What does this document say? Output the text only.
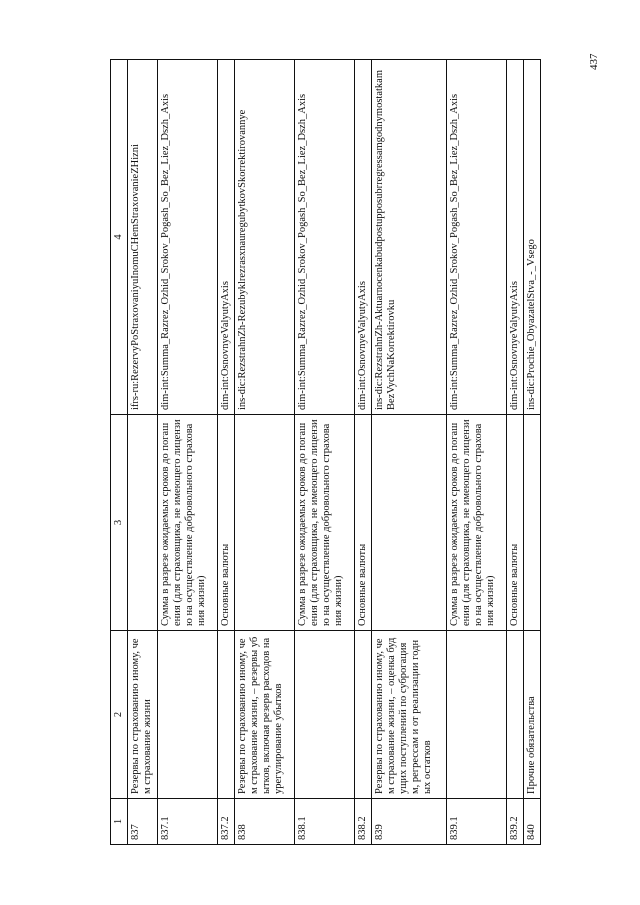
1	2	3	4
837	Резервы по страхованию иному, чем страхование жизни		ifrs-ru:RezervyPoStraxovaniyuInomuCHemStraxovanieZHizni
837.1		Сумма в разрезе ожидаемых сроков до погашения (для страховщика, не имеющего лицензию на осуществление добровольного страхования жизни)	dim-int:Summa_Razrez_Ozhid_Srokov_Pogash_So_Bez_Liez_Dszh_Axis
837.2		Основные валюты	dim-int:OsnovnyeValyutyAxis
838	Резервы по страхованию иному, чем страхование жизни, – резервы убытков, включая резерв расходов на урегулирование убытков		ins-dic:RezstrahnZh-RezubyklrezrasxnaurеgubytkovSkorrektirovannye
838.1		Сумма в разрезе ожидаемых сроков до погашения (для страховщика, не имеющего лицензию на осуществление добровольного страхования жизни)	dim-int:Summa_Razrez_Ozhid_Srokov_Pogash_So_Bez_Liez_Dszh_Axis
838.2		Основные валюты	dim-int:OsnovnyeValyutyAxis
839	Резервы по страхованию иному, чем страхование жизни, – оценка будущих поступлений по суброгациям, регрессам и от реализации годных остатков		ins-dic:RezstrahnZh-AktuarnocenkabudpostupposubrregressamgodnymostatkamBezVychNaKorrektirovku
839.1		Сумма в разрезе ожидаемых сроков до погашения (для страховщика, не имеющего лицензию на осуществление добровольного страхования жизни)	dim-int:Summa_Razrez_Ozhid_Srokov_Pogash_So_Bez_Liez_Dszh_Axis
839.2		Основные валюты	dim-int:OsnovnyeValyutyAxis
840	Прочие обязательства		ins-dic:Prochie_ObyazatelStva_-_Vsego
437
